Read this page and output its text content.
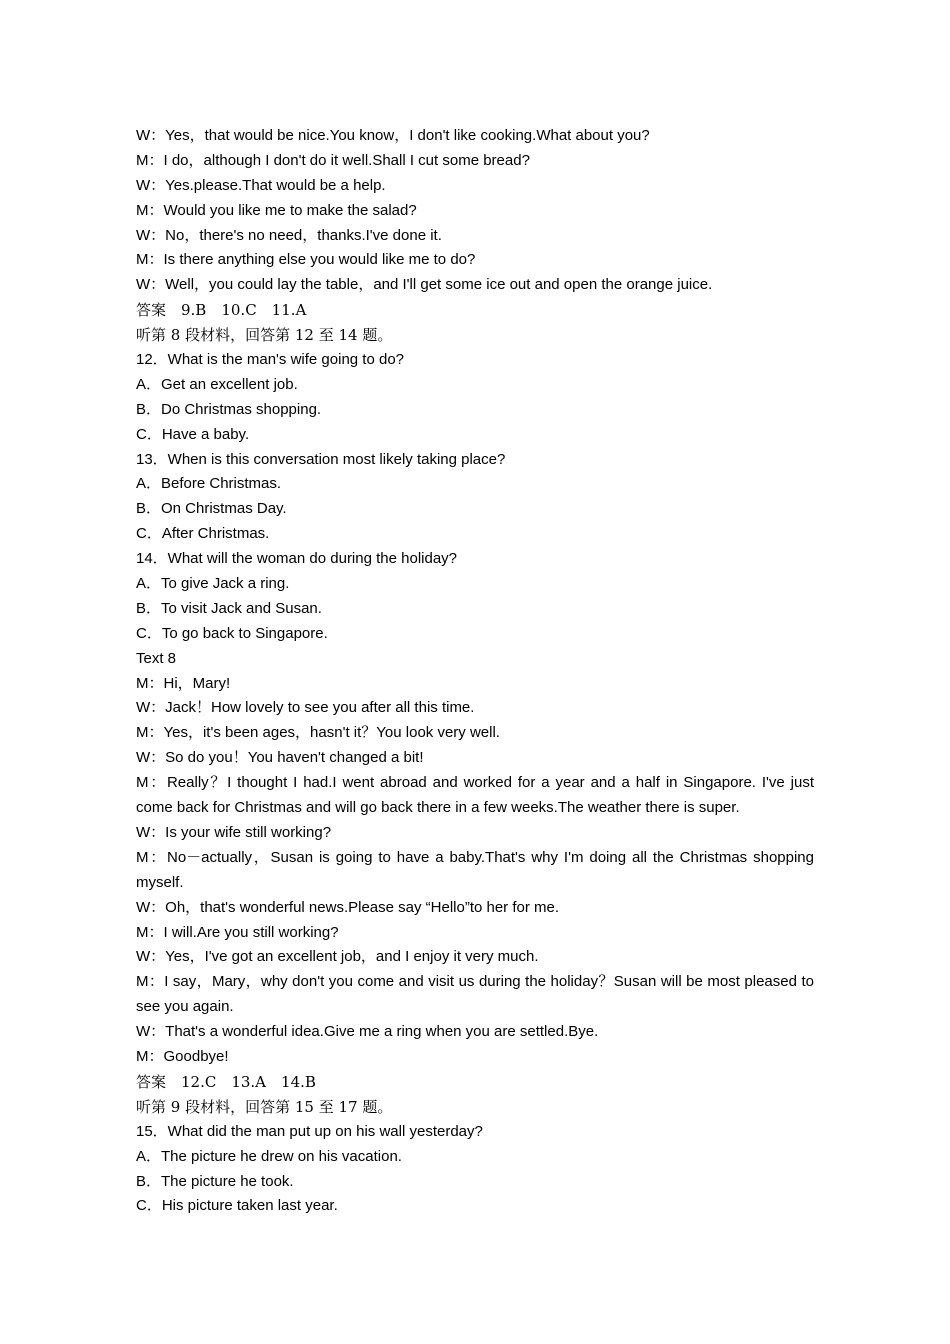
W：Yes，that would be nice.You know，I don't like cooking.What about you?

M：I do，although I don't do it well.Shall I cut some bread?

W：Yes.please.That would be a help.

M：Would you like me to make the salad?

W：No，there's no need，thanks.I've done it.

M：Is there anything else you would like me to do?

W：Well，you could lay the table，and I'll get some ice out and open the orange juice.

答案　9.B　10.C　11.A

听第 8 段材料，回答第 12 至 14 题。

12．What is the man's wife going to do?

A．Get an excellent job.

B．Do Christmas shopping.

C．Have a baby.

13．When is this conversation most likely taking place?

A．Before Christmas.

B．On Christmas Day.

C．After Christmas.

14．What will the woman do during the holiday?

A．To give Jack a ring.

B．To visit Jack and Susan.

C．To go back to Singapore.

Text 8

M：Hi，Mary!

W：Jack！How lovely to see you after all this time.

M：Yes，it's been ages，hasn't it？You look very well.

W：So do you！You haven't changed a bit!

M：Really？I thought I had.I went abroad and worked for a year and a half in Singapore. I've just come back for Christmas and will go back there in a few weeks.The weather there is super.

W：Is your wife still working?

M：No－actually，Susan is going to have a baby.That's why I'm doing all the Christmas shopping myself.

W：Oh，that's wonderful news.Please say “Hello”to her for me.

M：I will.Are you still working?

W：Yes，I've got an excellent job，and I enjoy it very much.

M：I say，Mary，why don't you come and visit us during the holiday？Susan will be most pleased to see you again.

W：That's a wonderful idea.Give me a ring when you are settled.Bye.

M：Goodbye!

答案　12.C　13.A　14.B

听第 9 段材料，回答第 15 至 17 题。

15．What did the man put up on his wall yesterday?

A．The picture he drew on his vacation.

B．The picture he took.

C．His picture taken last year.
